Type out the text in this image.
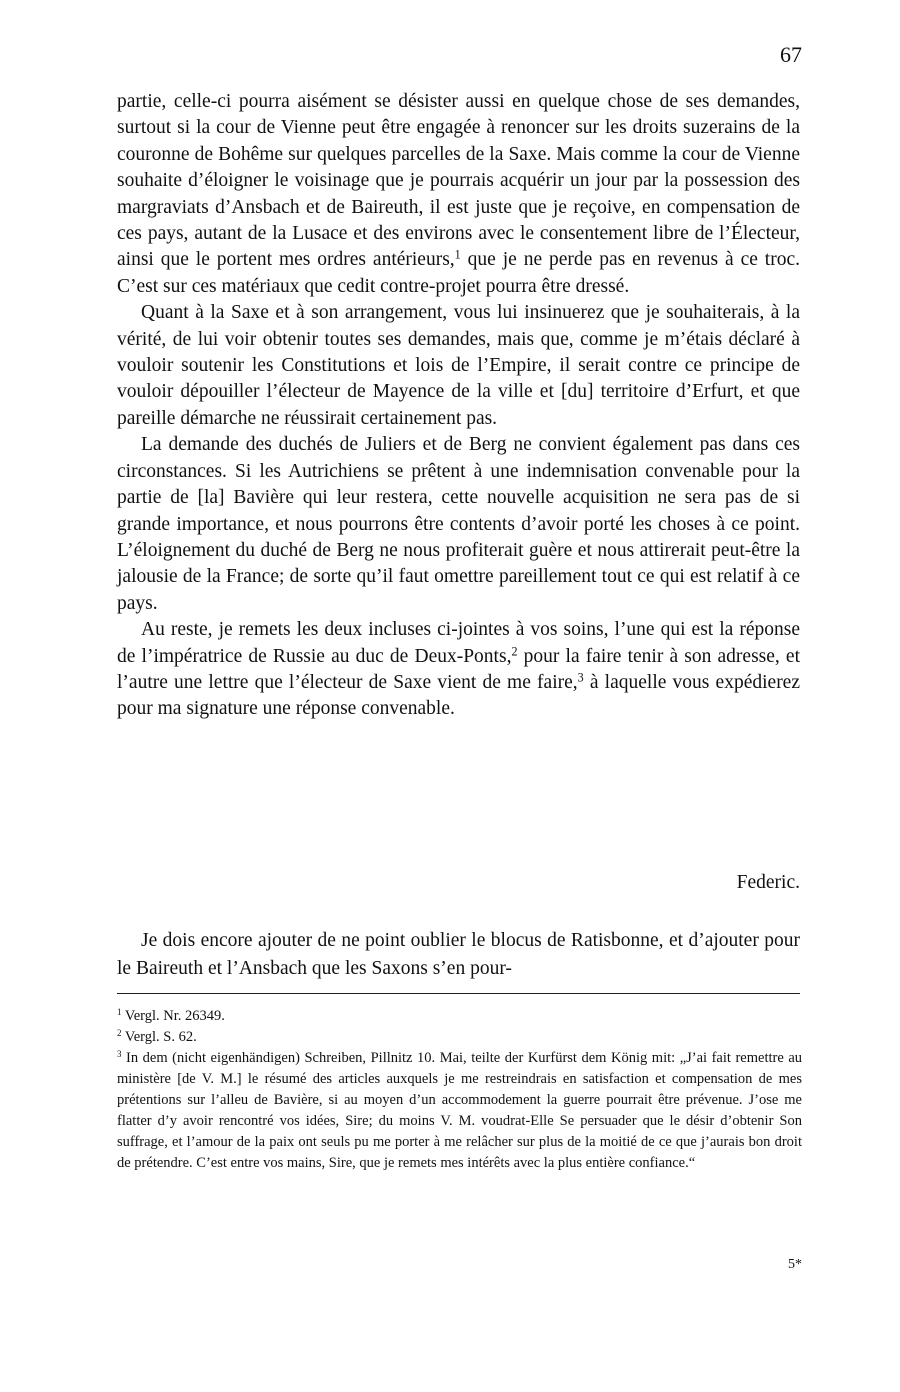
67

partie, celle-ci pourra aisément se désister aussi en quelque chose de ses demandes, surtout si la cour de Vienne peut être engagée à renoncer sur les droits suzerains de la couronne de Bohême sur quelques parcelles de la Saxe. Mais comme la cour de Vienne souhaite d’éloigner le voisinage que je pourrais acquérir un jour par la possession des margraviats d’Ansbach et de Baireuth, il est juste que je reçoive, en compensation de ces pays, autant de la Lusace et des environs avec le consentement libre de l’Électeur, ainsi que le portent mes ordres antérieurs,$^1$ que je ne perde pas en revenus à ce troc. C’est sur ces matériaux que cedit contre-projet pourra être dressé.

Quant à la Saxe et à son arrangement, vous lui insinuerez que je souhaiterais, à la vérité, de lui voir obtenir toutes ses demandes, mais que, comme je m’étais déclaré à vouloir soutenir les Constitutions et lois de l’Empire, il serait contre ce principe de vouloir dépouiller l’électeur de Mayence de la ville et [du] territoire d’Erfurt, et que pareille démarche ne réussirait certainement pas.

La demande des duchés de Juliers et de Berg ne convient également pas dans ces circonstances. Si les Autrichiens se prêtent à une indemnisation convenable pour la partie de [la] Bavière qui leur restera, cette nouvelle acquisition ne sera pas de si grande importance, et nous pourrons être contents d’avoir porté les choses à ce point. L’éloignement du duché de Berg ne nous profiterait guère et nous attirerait peut-être la jalousie de la France; de sorte qu’il faut omettre pareillement tout ce qui est relatif à ce pays.

Au reste, je remets les deux incluses ci-jointes à vos soins, l’une qui est la réponse de l’impératrice de Russie au duc de Deux-Ponts,$^2$ pour la faire tenir à son adresse, et l’autre une lettre que l’électeur de Saxe vient de me faire,$^3$ à laquelle vous expédierez pour ma signature une réponse convenable.

Federic.

Je dois encore ajouter de ne point oublier le blocus de Ratisbonne, et d’ajouter pour le Baireuth et l’Ansbach que les Saxons s’en pour-

$^1$ Vergl. Nr. 26349.

$^2$ Vergl. S. 62.

$^3$ In dem (nicht eigenhändigen) Schreiben, Pillnitz 10. Mai, teilte der Kurfürst dem König mit: „J’ai fait remettre au ministère [de V. M.] le résumé des articles auxquels je me restreindrais en satisfaction et compensation de mes prétentions sur l’alleu de Bavière, si au moyen d’un accommodement la guerre pourrait être prévenue. J’ose me flatter d’y avoir rencontré vos idées, Sire; du moins V. M. voudrat-Elle Se persuader que le désir d’obtenir Son suffrage, et l’amour de la paix ont seuls pu me porter à me relâcher sur plus de la moitié de ce que j’aurais bon droit de prétendre. C’est entre vos mains, Sire, que je remets mes intérêts avec la plus entière confiance.“

5*
